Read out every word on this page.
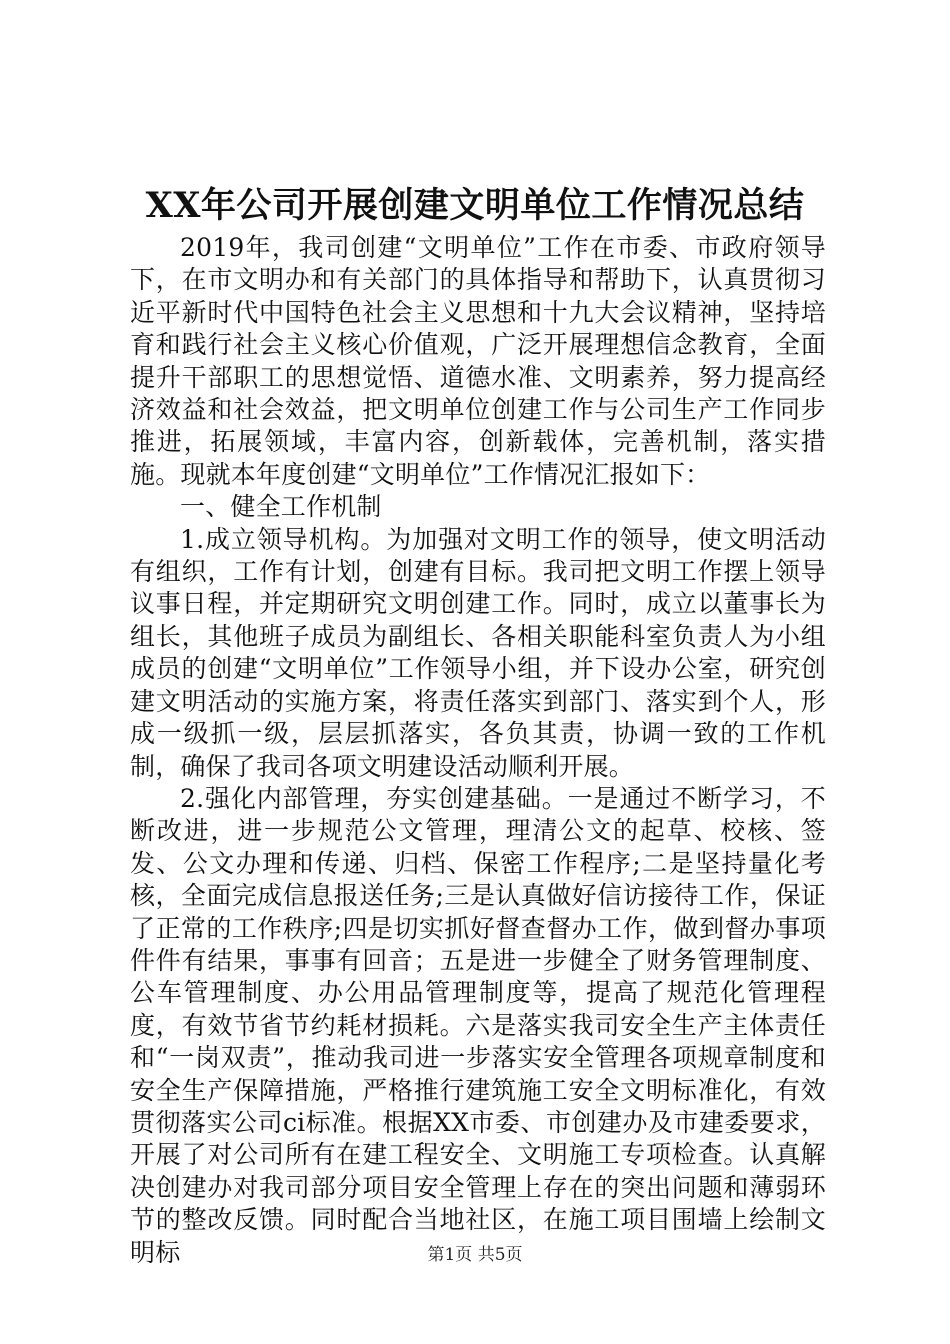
XX年公司开展创建文明单位工作情况总结

2019年，我司创建“文明单位”工作在市委、市政府领导下，在市文明办和有关部门的具体指导和帮助下，认真贯彻习近平新时代中国特色社会主义思想和十九大会议精神，坚持培育和践行社会主义核心价值观，广泛开展理想信念教育，全面提升干部职工的思想觉悟、道德水准、文明素养，努力提高经济效益和社会效益，把文明单位创建工作与公司生产工作同步推进，拓展领域，丰富内容，创新载体，完善机制，落实措施。现就本年度创建“文明单位”工作情况汇报如下：

一、健全工作机制

1.成立领导机构。为加强对文明工作的领导，使文明活动有组织，工作有计划，创建有目标。我司把文明工作摆上领导议事日程，并定期研究文明创建工作。同时，成立以董事长为组长，其他班子成员为副组长、各相关职能科室负责人为小组成员的创建“文明单位”工作领导小组，并下设办公室，研究创建文明活动的实施方案，将责任落实到部门、落实到个人，形成一级抓一级，层层抓落实，各负其责，协调一致的工作机制，确保了我司各项文明建设活动顺利开展。

2.强化内部管理，夯实创建基础。一是通过不断学习，不断改进，进一步规范公文管理，理清公文的起草、校核、签发、公文办理和传递、归档、保密工作程序;二是坚持量化考核，全面完成信息报送任务;三是认真做好信访接待工作，保证了正常的工作秩序;四是切实抓好督查督办工作，做到督办事项件件有结果，事事有回音；五是进一步健全了财务管理制度、公车管理制度、办公用品管理制度等，提高了规范化管理程度，有效节省节约耗材损耗。六是落实我司安全生产主体责任和“一岗双责”，推动我司进一步落实安全管理各项规章制度和安全生产保障措施，严格推行建筑施工安全文明标准化，有效贯彻落实公司ci标准。根据XX市委、市创建办及市建委要求，开展了对公司所有在建工程安全、文明施工专项检查。认真解决创建办对我司部分项目安全管理上存在的突出问题和薄弱环节的整改反馈。同时配合当地社区，在施工项目围墙上绘制文明标	第1页 共5页
